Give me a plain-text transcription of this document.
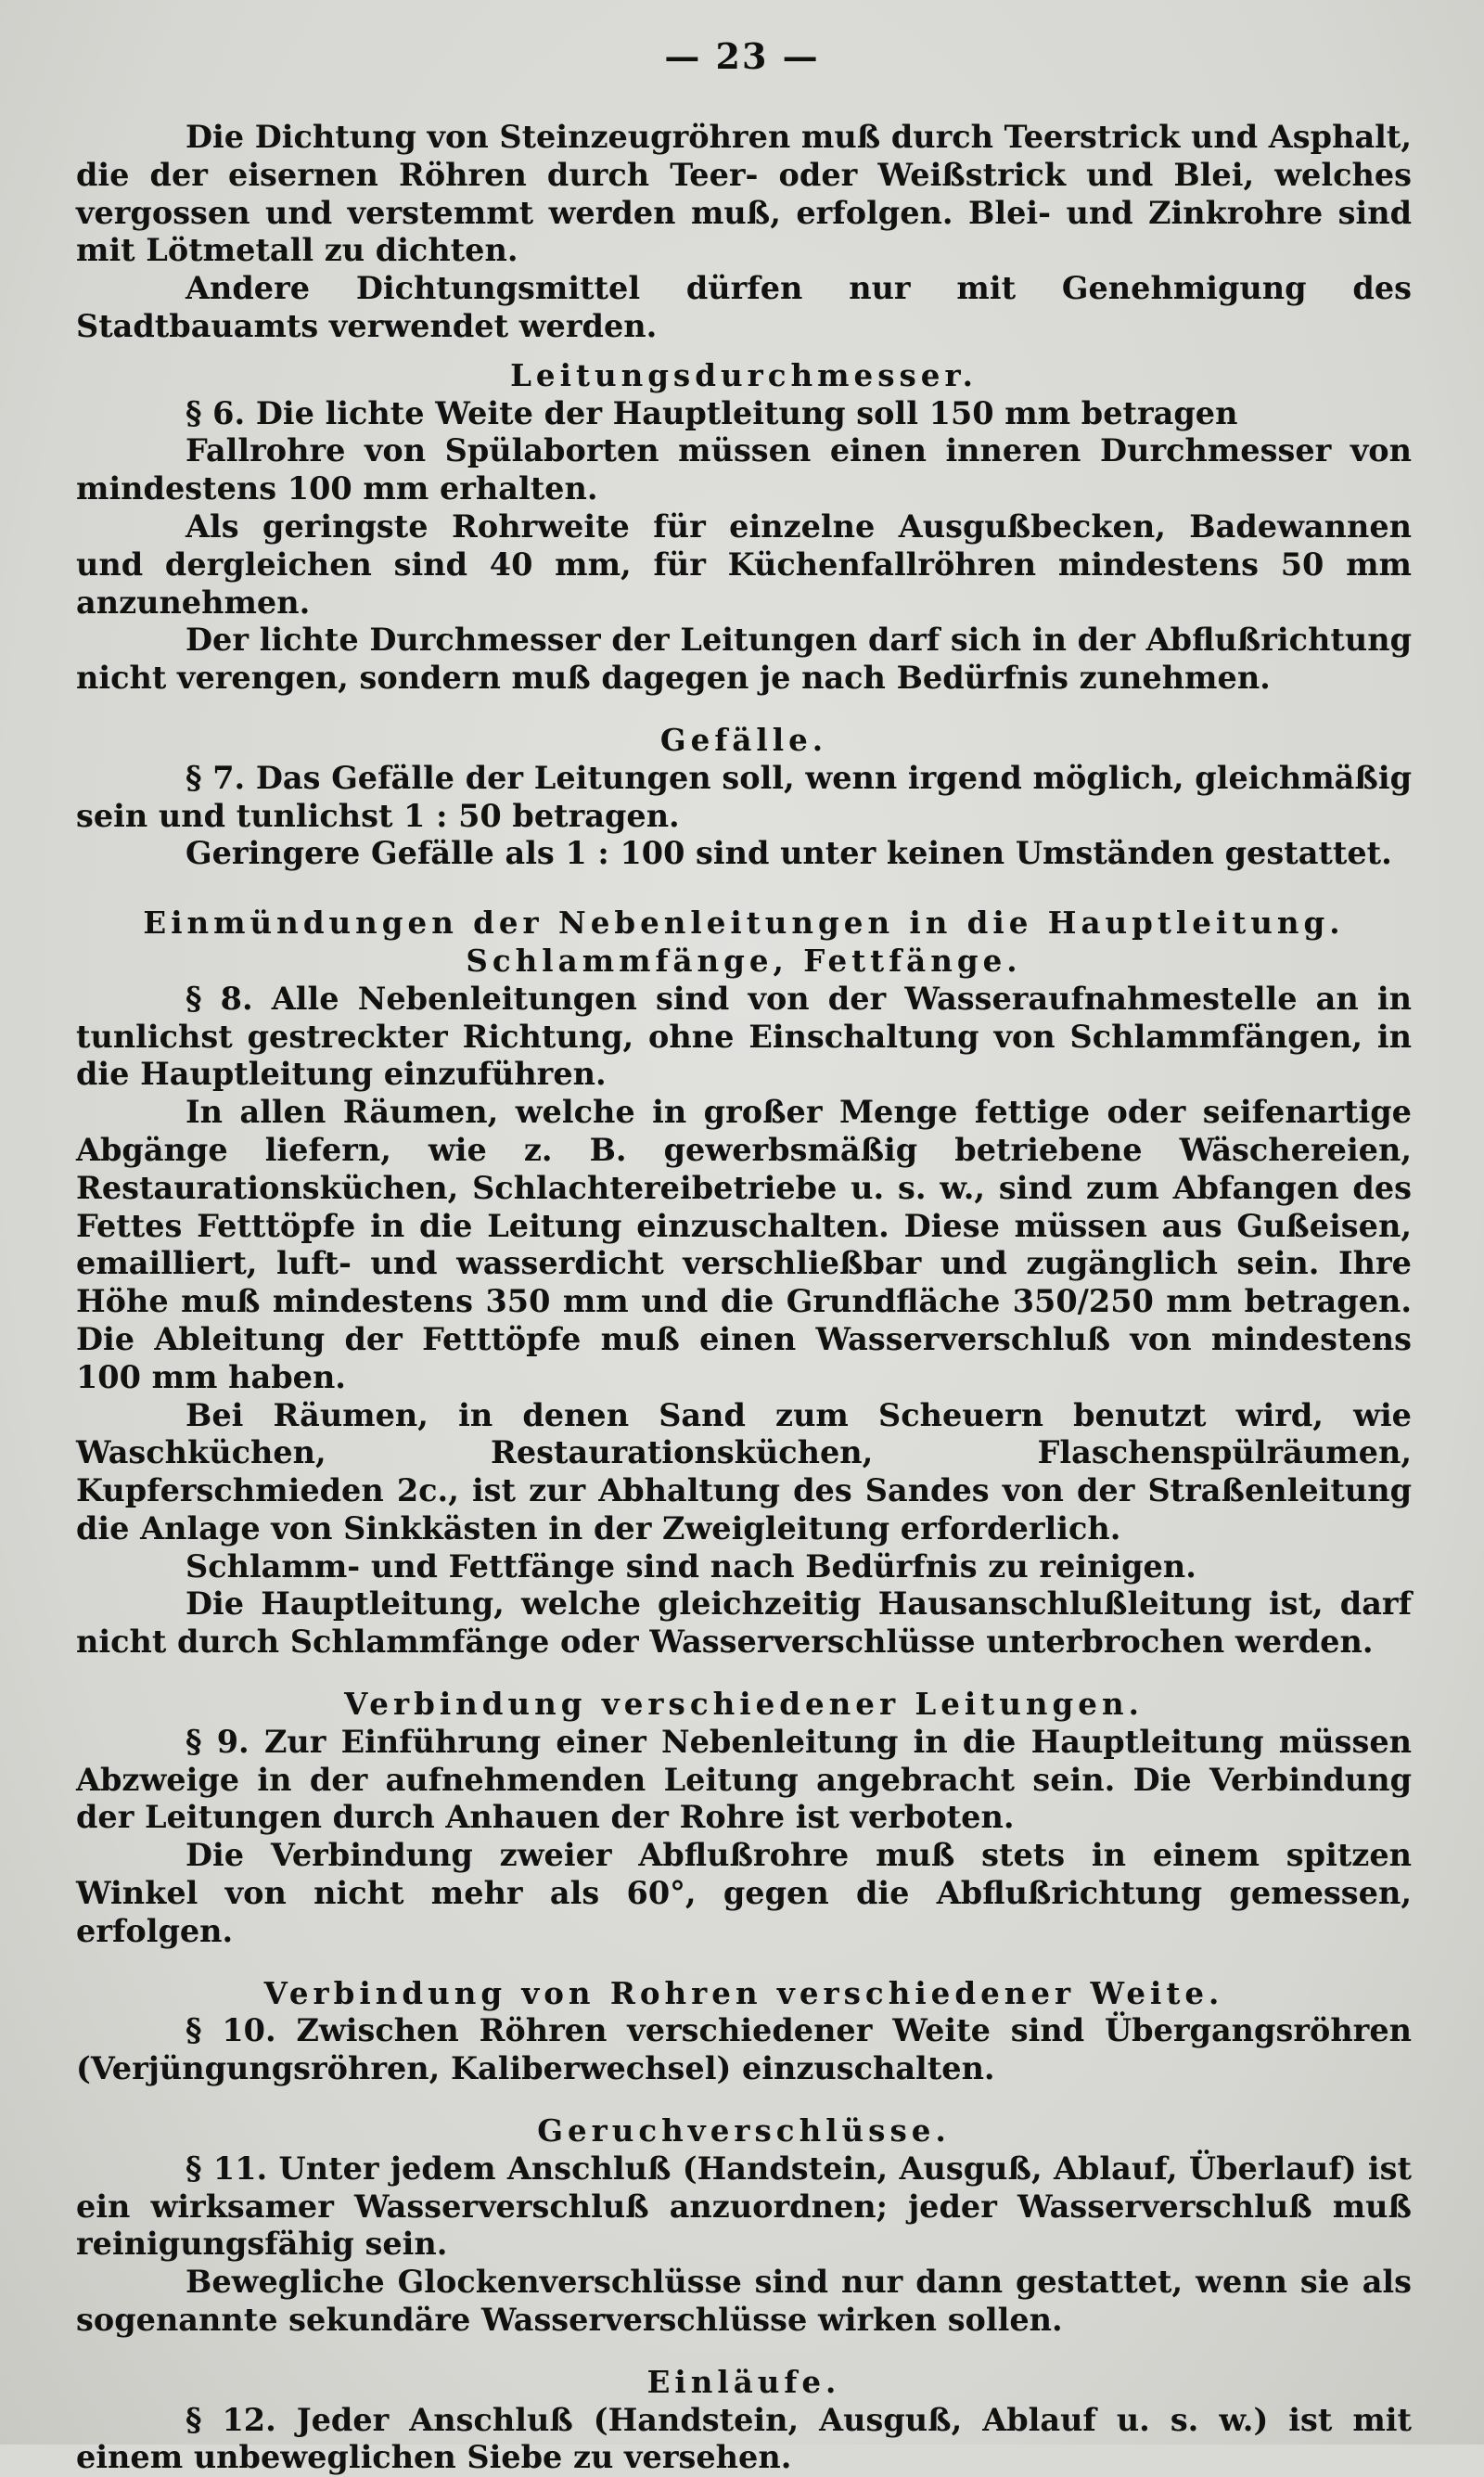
— 23 —

Die Dichtung von Steinzeugröhren muß durch Teerstrick und Asphalt, die der eisernen Röhren durch Teer- oder Weißstrick und Blei, welches vergossen und verstemmt werden muß, erfolgen. Blei- und Zinkrohre sind mit Lötmetall zu dichten.

Andere Dichtungsmittel dürfen nur mit Genehmigung des Stadtbauamts verwendet werden.

Leitungsdurchmesser.

§ 6. Die lichte Weite der Hauptleitung soll 150 mm betragen

Fallrohre von Spülaborten müssen einen inneren Durchmesser von mindestens 100 mm erhalten.

Als geringste Rohrweite für einzelne Ausgußbecken, Badewannen und dergleichen sind 40 mm, für Küchenfallröhren mindestens 50 mm anzunehmen.

Der lichte Durchmesser der Leitungen darf sich in der Abflußrichtung nicht verengen, sondern muß dagegen je nach Bedürfnis zunehmen.

Gefälle.

§ 7. Das Gefälle der Leitungen soll, wenn irgend möglich, gleichmäßig sein und tunlichst 1 : 50 betragen.

Geringere Gefälle als 1 : 100 sind unter keinen Umständen gestattet.

Einmündungen der Nebenleitungen in die Hauptleitung.

Schlammfänge, Fettfänge.

§ 8. Alle Nebenleitungen sind von der Wasseraufnahmestelle an in tunlichst gestreckter Richtung, ohne Einschaltung von Schlammfängen, in die Hauptleitung einzuführen.

In allen Räumen, welche in großer Menge fettige oder seifenartige Abgänge liefern, wie z. B. gewerbsmäßig betriebene Wäschereien, Restaurationsküchen, Schlachtereibetriebe u. s. w., sind zum Abfangen des Fettes Fetttöpfe in die Leitung einzuschalten. Diese müssen aus Gußeisen, emailliert, luft- und wasserdicht verschließbar und zugänglich sein. Ihre Höhe muß mindestens 350 mm und die Grundfläche 350/250 mm betragen. Die Ableitung der Fetttöpfe muß einen Wasserverschluß von mindestens 100 mm haben.

Bei Räumen, in denen Sand zum Scheuern benutzt wird, wie Waschküchen, Restaurationsküchen, Flaschenspülräumen, Kupferschmieden 2c., ist zur Abhaltung des Sandes von der Straßenleitung die Anlage von Sinkkästen in der Zweigleitung erforderlich.

Schlamm- und Fettfänge sind nach Bedürfnis zu reinigen.

Die Hauptleitung, welche gleichzeitig Hausanschlußleitung ist, darf nicht durch Schlammfänge oder Wasserverschlüsse unterbrochen werden.

Verbindung verschiedener Leitungen.

§ 9. Zur Einführung einer Nebenleitung in die Hauptleitung müssen Abzweige in der aufnehmenden Leitung angebracht sein. Die Verbindung der Leitungen durch Anhauen der Rohre ist verboten.

Die Verbindung zweier Abflußrohre muß stets in einem spitzen Winkel von nicht mehr als 60°, gegen die Abflußrichtung gemessen, erfolgen.

Verbindung von Rohren verschiedener Weite.

§ 10. Zwischen Röhren verschiedener Weite sind Übergangsröhren (Verjüngungsröhren, Kaliberwechsel) einzuschalten.

Geruchverschlüsse.

§ 11. Unter jedem Anschluß (Handstein, Ausguß, Ablauf, Überlauf) ist ein wirksamer Wasserverschluß anzuordnen; jeder Wasserverschluß muß reinigungsfähig sein.

Bewegliche Glockenverschlüsse sind nur dann gestattet, wenn sie als sogenannte sekundäre Wasserverschlüsse wirken sollen.

Einläufe.

§ 12. Jeder Anschluß (Handstein, Ausguß, Ablauf u. s. w.) ist mit einem unbeweglichen Siebe zu versehen.
